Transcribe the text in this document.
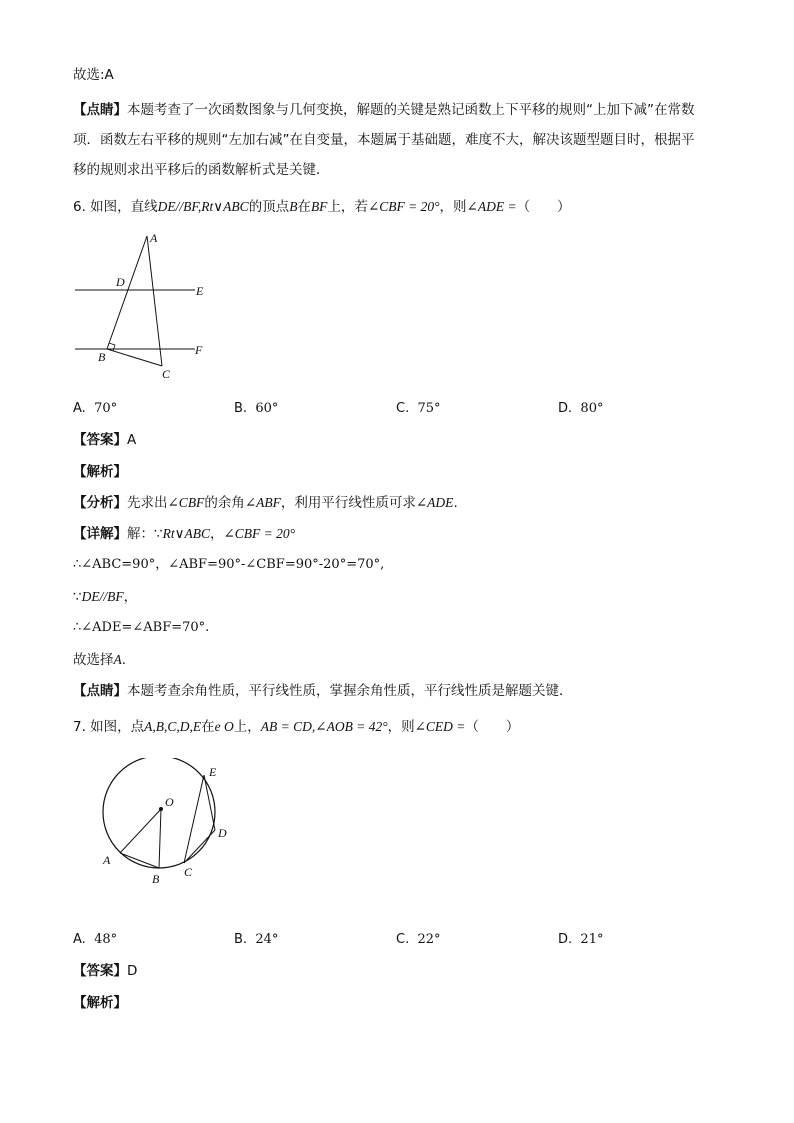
故选:A
【点睛】本题考查了一次函数图象与几何变换，解题的关键是熟记函数上下平移的规则“上加下减”在常数
项．函数左右平移的规则“左加右减”在自变量，本题属于基础题，难度不大，解决该题型题目时，根据平
移的规则求出平移后的函数解析式是关键．
6. 如图，直线DE//BF,Rt∨ABC的顶点B在BF上，若∠CBF = 20°，则∠ADE =（　　）
A
D
E
B	F
C
A. 70°	B. 60°	C. 75°	D. 80°
【答案】A
【解析】
【分析】先求出∠CBF的余角∠ABF，利用平行线性质可求∠ADE.
【详解】解：∵Rt∨ABC，∠CBF = 20°
∴∠ABC=90°，∠ABF=90°-∠CBF=90°-20°=70°,
∵DE//BF，
∴∠ADE=∠ABF=70°.
故选择A.
【点睛】本题考查余角性质，平行线性质，掌握余角性质，平行线性质是解题关键．
7. 如图，点A,B,C,D,E在e O上，AB = CD,∠AOB = 42°，则∠CED =（　　）
O
A
B C
D
E
A. 48°	B. 24°	C. 22°	D. 21°
【答案】D
【解析】
